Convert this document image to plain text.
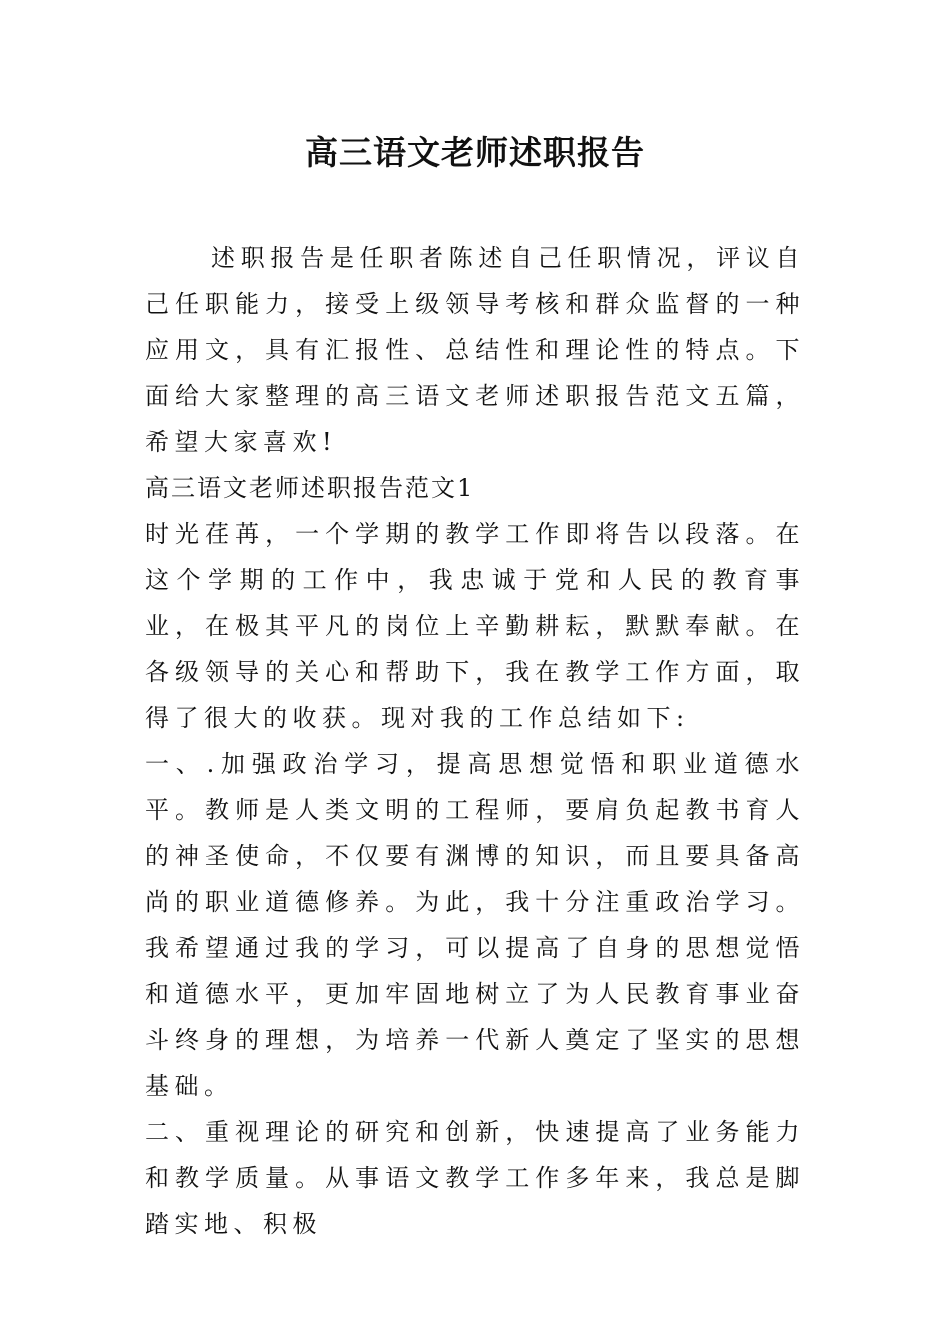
高三语文老师述职报告

述职报告是任职者陈述自己任职情况，评议自己任职能力，接受上级领导考核和群众监督的一种应用文，具有汇报性、总结性和理论性的特点。下面给大家整理的高三语文老师述职报告范文五篇，希望大家喜欢!

高三语文老师述职报告范文1

时光荏苒，一个学期的教学工作即将告以段落。在这个学期的工作中，我忠诚于党和人民的教育事业，在极其平凡的岗位上辛勤耕耘，默默奉献。在各级领导的关心和帮助下，我在教学工作方面，取得了很大的收获。现对我的工作总结如下:

一、.加强政治学习，提高思想觉悟和职业道德水平。教师是人类文明的工程师，要肩负起教书育人的神圣使命，不仅要有渊博的知识，而且要具备高尚的职业道德修养。为此，我十分注重政治学习。我希望通过我的学习，可以提高了自身的思想觉悟和道德水平，更加牢固地树立了为人民教育事业奋斗终身的理想，为培养一代新人奠定了坚实的思想基础。

二、重视理论的研究和创新，快速提高了业务能力和教学质量。从事语文教学工作多年来，我总是脚踏实地、积极
